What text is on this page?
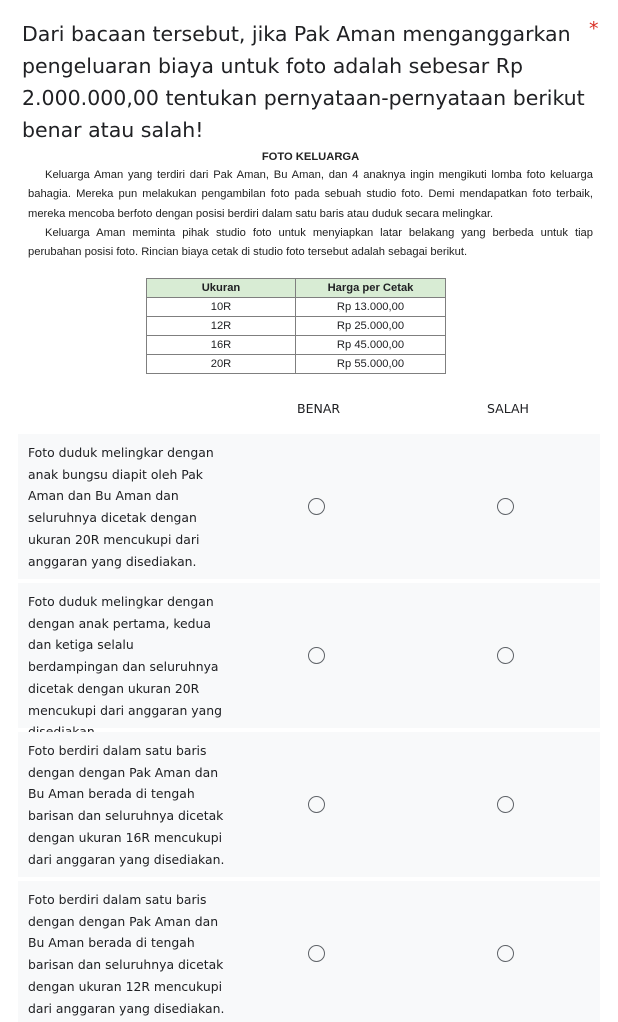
Dari bacaan tersebut, jika Pak Aman menganggarkan pengeluaran biaya untuk foto adalah sebesar Rp 2.000.000,00 tentukan pernyataan-pernyataan berikut benar atau salah!
*
FOTO KELUARGA

Keluarga Aman yang terdiri dari Pak Aman, Bu Aman, dan 4 anaknya ingin mengikuti lomba foto keluarga bahagia. Mereka pun melakukan pengambilan foto pada sebuah studio foto. Demi mendapatkan foto terbaik, mereka mencoba berfoto dengan posisi berdiri dalam satu baris atau duduk secara melingkar.

Keluarga Aman meminta pihak studio foto untuk menyiapkan latar belakang yang berbeda untuk tiap perubahan posisi foto. Rincian biaya cetak di studio foto tersebut adalah sebagai berikut.

Ukuran	Harga per Cetak
10R	Rp 13.000,00
12R	Rp 25.000,00
16R	Rp 45.000,00
20R	Rp 55.000,00
BENAR	SALAH
Foto duduk melingkar dengan anak bungsu diapit oleh Pak Aman dan Bu Aman dan seluruhnya dicetak dengan ukuran 20R mencukupi dari anggaran yang disediakan.
Foto duduk melingkar dengan dengan anak pertama, kedua dan ketiga selalu berdampingan dan seluruhnya dicetak dengan ukuran 20R mencukupi dari anggaran yang
Foto berdiri dalam satu baris dengan dengan Pak Aman dan Bu Aman berada di tengah barisan dan seluruhnya dicetak dengan ukuran 16R mencukupi dari anggaran yang disediakan.
Foto berdiri dalam satu baris dengan dengan Pak Aman dan Bu Aman berada di tengah barisan dan seluruhnya dicetak dengan ukuran 12R mencukupi dari anggaran yang disediakan.
